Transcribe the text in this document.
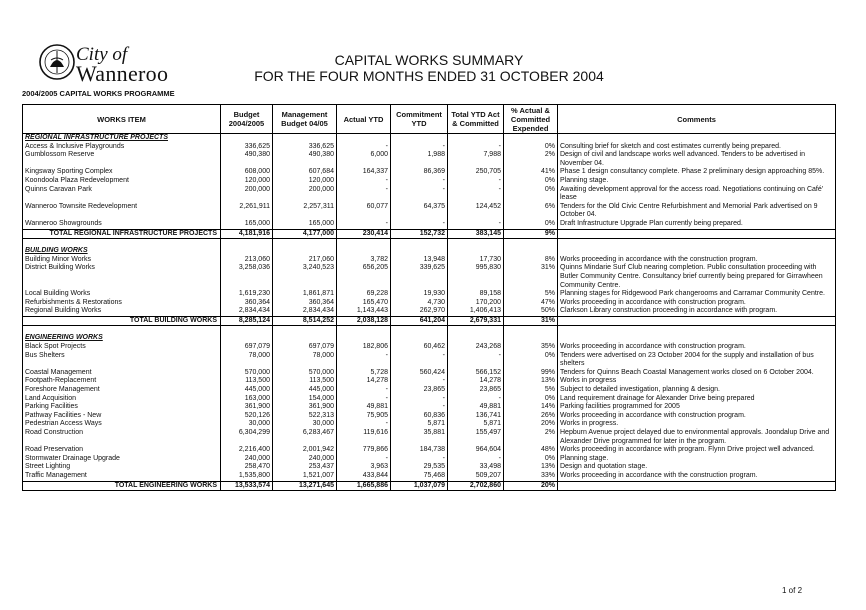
City of
Wanneroo
CAPITAL WORKS SUMMARY
FOR THE FOUR MONTHS ENDED 31 OCTOBER 2004
2004/2005 CAPITAL WORKS PROGRAMME
WORKS ITEM	Budget 2004/2005	Management Budget 04/05	Actual YTD	Commitment YTD	Total YTD Act & Committed	% Actual & Committed Expended	Comments
REGIONAL INFRASTRUCTURE PROJECTS							
Access & Inclusive Playgrounds	336,625	336,625	-	-	-	0%	Consulting brief for sketch and cost estimates currently being prepared.
Gumblossom Reserve	490,380	490,380	6,000	1,988	7,988	2%	Design of civil and landscape works well advanced. Tenders to be advertised in November 04.
Kingsway Sporting Complex	608,000	607,684	164,337	86,369	250,705	41%	Phase 1 design consultancy complete. Phase 2 preliminary design approaching 85%.
Koondoola Plaza Redevelopment	120,000	120,000	-	-	-	0%	Planning stage.
Quinns Caravan Park	200,000	200,000	-	-	-	0%	Awaiting development approval for the access road. Negotiations continuing on Café' lease
Wanneroo Townsite Redevelopment	2,261,911	2,257,311	60,077	64,375	124,452	6%	Tenders for the Old Civic Centre Refurbishment and Memorial Park advertised on 9 October 04.
Wanneroo Showgrounds	165,000	165,000	-	-	-	0%	Draft Infrastructure Upgrade Plan currently being prepared.
TOTAL REGIONAL INFRASTRUCTURE PROJECTS	4,181,916	4,177,000	230,414	152,732	383,145	9%	

BUILDING WORKS							
Building Minor Works	213,060	217,060	3,782	13,948	17,730	8%	Works proceeding in accordance with the construction program.
District Building Works	3,258,036	3,240,523	656,205	339,625	995,830	31%	Quinns Mindarie Surf Club nearing completion. Public consultation proceeding with Butler Community Centre. Consultancy brief currently being prepared for Girrawheen Community Centre.
Local Building Works	1,619,230	1,861,871	69,228	19,930	89,158	5%	Planning stages for Ridgewood Park changerooms and Carramar Community Centre.
Refurbishments & Restorations	360,364	360,364	165,470	4,730	170,200	47%	Works proceeding in accordance with construction program.
Regional Building Works	2,834,434	2,834,434	1,143,443	262,970	1,406,413	50%	Clarkson Library construction proceeding in accordance with program.
TOTAL BUILDING WORKS	8,285,124	8,514,252	2,038,128	641,204	2,679,331	31%	

ENGINEERING WORKS							
Black Spot Projects	697,079	697,079	182,806	60,462	243,268	35%	Works proceeding in accordance with construction program.
Bus Shelters	78,000	78,000	-	-	-	0%	Tenders were advertised on 23 October 2004 for the supply and installation of bus shelters
Coastal Management	570,000	570,000	5,728	560,424	566,152	99%	Tenders for Quinns Beach Coastal Management works closed on 6 October 2004.
Footpath-Replacement	113,500	113,500	14,278	-	14,278	13%	Works in progress
Foreshore Management	445,000	445,000	-	23,865	23,865	5%	Subject to detailed investigation, planning & design.
Land Acquisition	163,000	154,000	-	-	-	0%	Land requirement drainage for Alexander Drive being prepared
Parking Facilities	361,900	361,900	49,881	-	49,881	14%	Parking facilities programmed for 2005
Pathway Facilities - New	520,126	522,313	75,905	60,836	136,741	26%	Works proceeding in accordance with construction program.
Pedestrian Access Ways	30,000	30,000	-	5,871	5,871	20%	Works in progress.
Road Construction	6,304,299	6,283,467	119,616	35,881	155,497	2%	Hepburn Avenue project delayed due to environmental approvals. Joondalup Drive and Alexander Drive programmed for later in the program.
Road Preservation	2,216,400	2,001,942	779,866	184,738	964,604	48%	Works proceeding in accordance with program. Flynn Drive project well advanced.
Stormwater Drainage Upgrade	240,000	240,000	-	-	-	0%	Planning stage.
Street Lighting	258,470	253,437	3,963	29,535	33,498	13%	Design and quotation stage.
Traffic Management	1,535,800	1,521,007	433,844	75,468	509,207	33%	Works proceeding in accordance with the construction program.
TOTAL ENGINEERING WORKS	13,533,574	13,271,645	1,665,886	1,037,079	2,702,860	20%	
1 of 2
